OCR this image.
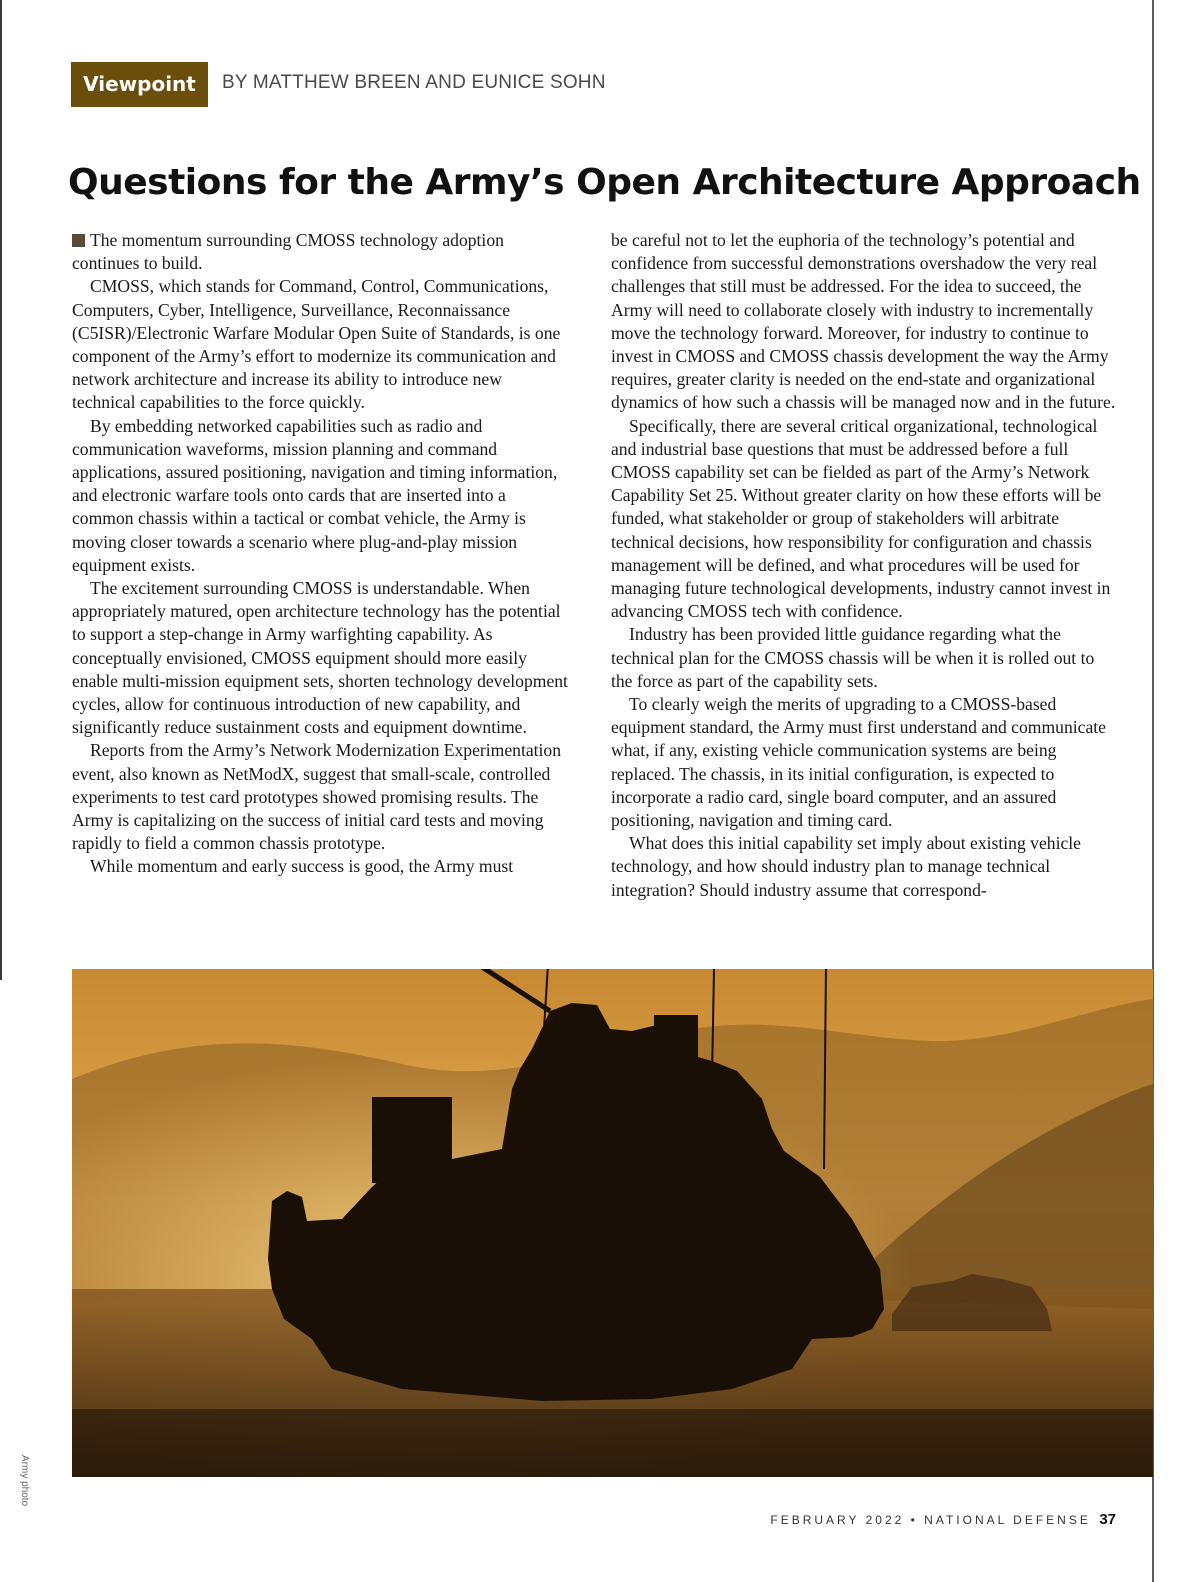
Viewpoint	BY MATTHEW BREEN AND EUNICE SOHN
Questions for the Army’s Open Architecture Approach

The momentum surrounding CMOSS technology adoption continues to build.

CMOSS, which stands for Command, Control, Communications, Computers, Cyber, Intelligence, Surveillance, Reconnaissance (C5ISR)/Electronic Warfare Modular Open Suite of Standards, is one component of the Army’s effort to modernize its communication and network architecture and increase its ability to introduce new technical capabilities to the force quickly.

By embedding networked capabilities such as radio and communication waveforms, mission planning and command applications, assured positioning, navigation and timing information, and electronic warfare tools onto cards that are inserted into a common chassis within a tactical or combat vehicle, the Army is moving closer towards a scenario where plug-and-play mission equipment exists.

The excitement surrounding CMOSS is understandable. When appropriately matured, open architecture technology has the potential to support a step-change in Army warfighting capability. As conceptually envisioned, CMOSS equipment should more easily enable multi-mission equipment sets, shorten technology development cycles, allow for continuous introduction of new capability, and significantly reduce sustainment costs and equipment downtime.

Reports from the Army’s Network Modernization Experimentation event, also known as NetModX, suggest that small-scale, controlled experiments to test card prototypes showed promising results. The Army is capitalizing on the success of initial card tests and moving rapidly to field a common chassis prototype.

While momentum and early success is good, the Army must

be careful not to let the euphoria of the technology’s potential and confidence from successful demonstrations overshadow the very real challenges that still must be addressed. For the idea to succeed, the Army will need to collaborate closely with industry to incrementally move the technology forward. Moreover, for industry to continue to invest in CMOSS and CMOSS chassis development the way the Army requires, greater clarity is needed on the end-state and organizational dynamics of how such a chassis will be managed now and in the future.

Specifically, there are several critical organizational, technological and industrial base questions that must be addressed before a full CMOSS capability set can be fielded as part of the Army’s Network Capability Set 25. Without greater clarity on how these efforts will be funded, what stakeholder or group of stakeholders will arbitrate technical decisions, how responsibility for configuration and chassis management will be defined, and what procedures will be used for managing future technological developments, industry cannot invest in advancing CMOSS tech with confidence.

Industry has been provided little guidance regarding what the technical plan for the CMOSS chassis will be when it is rolled out to the force as part of the capability sets.

To clearly weigh the merits of upgrading to a CMOSS-based equipment standard, the Army must first understand and communicate what, if any, existing vehicle communication systems are being replaced. The chassis, in its initial configuration, is expected to incorporate a radio card, single board computer, and an assured positioning, navigation and timing card.

What does this initial capability set imply about existing vehicle technology, and how should industry plan to manage technical integration? Should industry assume that correspond-

Army photo
FEBRUARY 2022 • NATIONAL DEFENSE 37
